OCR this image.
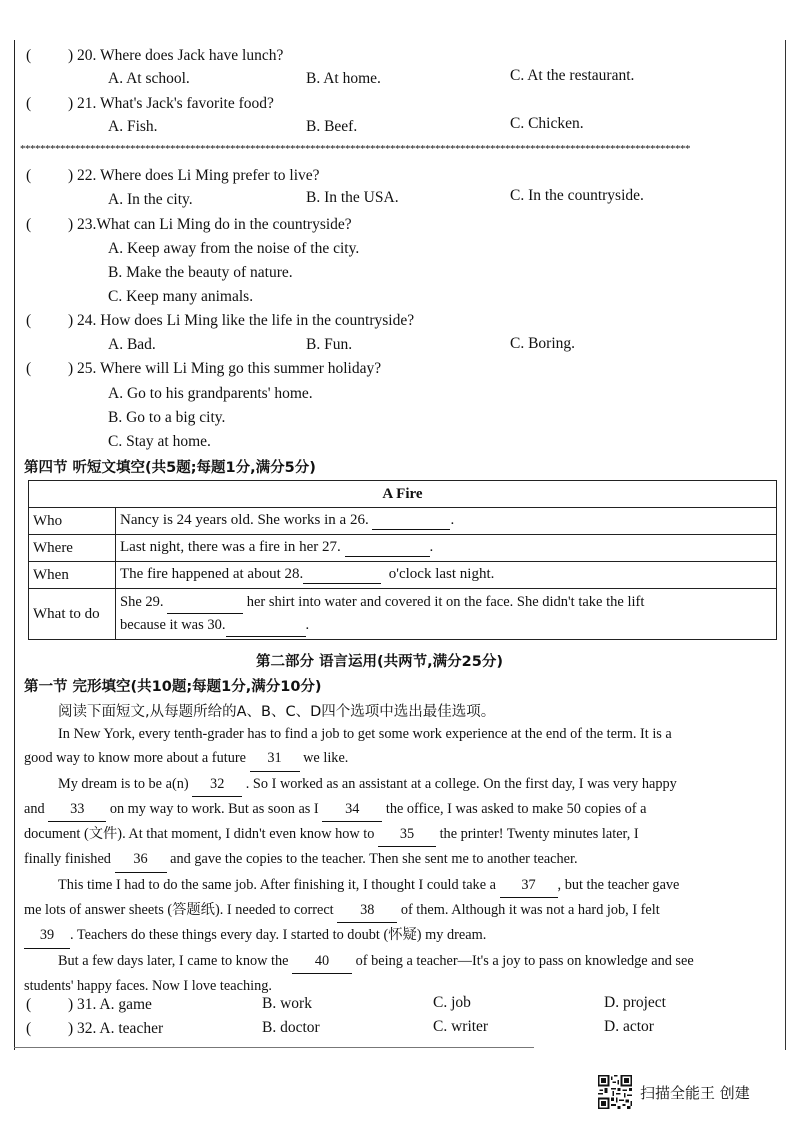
( ) 20. Where does Jack have lunch?
A. At school.	B. At home.	C. At the restaurant.
( ) 21. What's Jack's favorite food?
A. Fish.	B. Beef.	C. Chicken.
**************************************************************************************************************************************
( ) 22. Where does Li Ming prefer to live?
A. In the city.	B. In the USA.	C. In the countryside.
( ) 23.What can Li Ming do in the countryside?
A. Keep away from the noise of the city.
B. Make the beauty of nature.
C. Keep many animals.
( ) 24. How does Li Ming like the life in the countryside?
A. Bad.	B. Fun.	C. Boring.
( ) 25. Where will Li Ming go this summer holiday?
A. Go to his grandparents' home.
B. Go to a big city.
C. Stay at home.
第四节 听短文填空(共5题;每题1分,满分5分)
A Fire	
Who	Nancy is 24 years old. She works in a 26. .
Where	Last night, there was a fire in her 27. .
When	The fire happened at about 28. o'clock last night.
What to do	She 29. her shirt into water and covered it on the face. She didn't take the lift
because it was 30. .
第二部分 语言运用(共两节,满分25分)
第一节 完形填空(共10题;每题1分,满分10分)
阅读下面短文,从每题所给的A、B、C、D四个选项中选出最佳选项。
In New York, every tenth-grader has to find a job to get some work experience at the end of the term. It is a
good way to know more about a future 31 we like.
My dream is to be a(n) 32 . So I worked as an assistant at a college. On the first day, I was very happy
and 33 on my way to work. But as soon as I 34 the office, I was asked to make 50 copies of a
document (文件). At that moment, I didn't even know how to 35 the printer! Twenty minutes later, I
finally finished 36 and gave the copies to the teacher. Then she sent me to another teacher.
This time I had to do the same job. After finishing it, I thought I could take a 37 , but the teacher gave
me lots of answer sheets (答题纸). I needed to correct 38 of them. Although it was not a hard job, I felt
39 . Teachers do these things every day. I started to doubt (怀疑) my dream.
But a few days later, I came to know the 40 of being a teacher—It's a joy to pass on knowledge and see
students' happy faces. Now I love teaching.
( ) 31. A. game	B. work	C. job	D. project
( ) 32. A. teacher	B. doctor	C. writer	D. actor
扫描全能王 创建
